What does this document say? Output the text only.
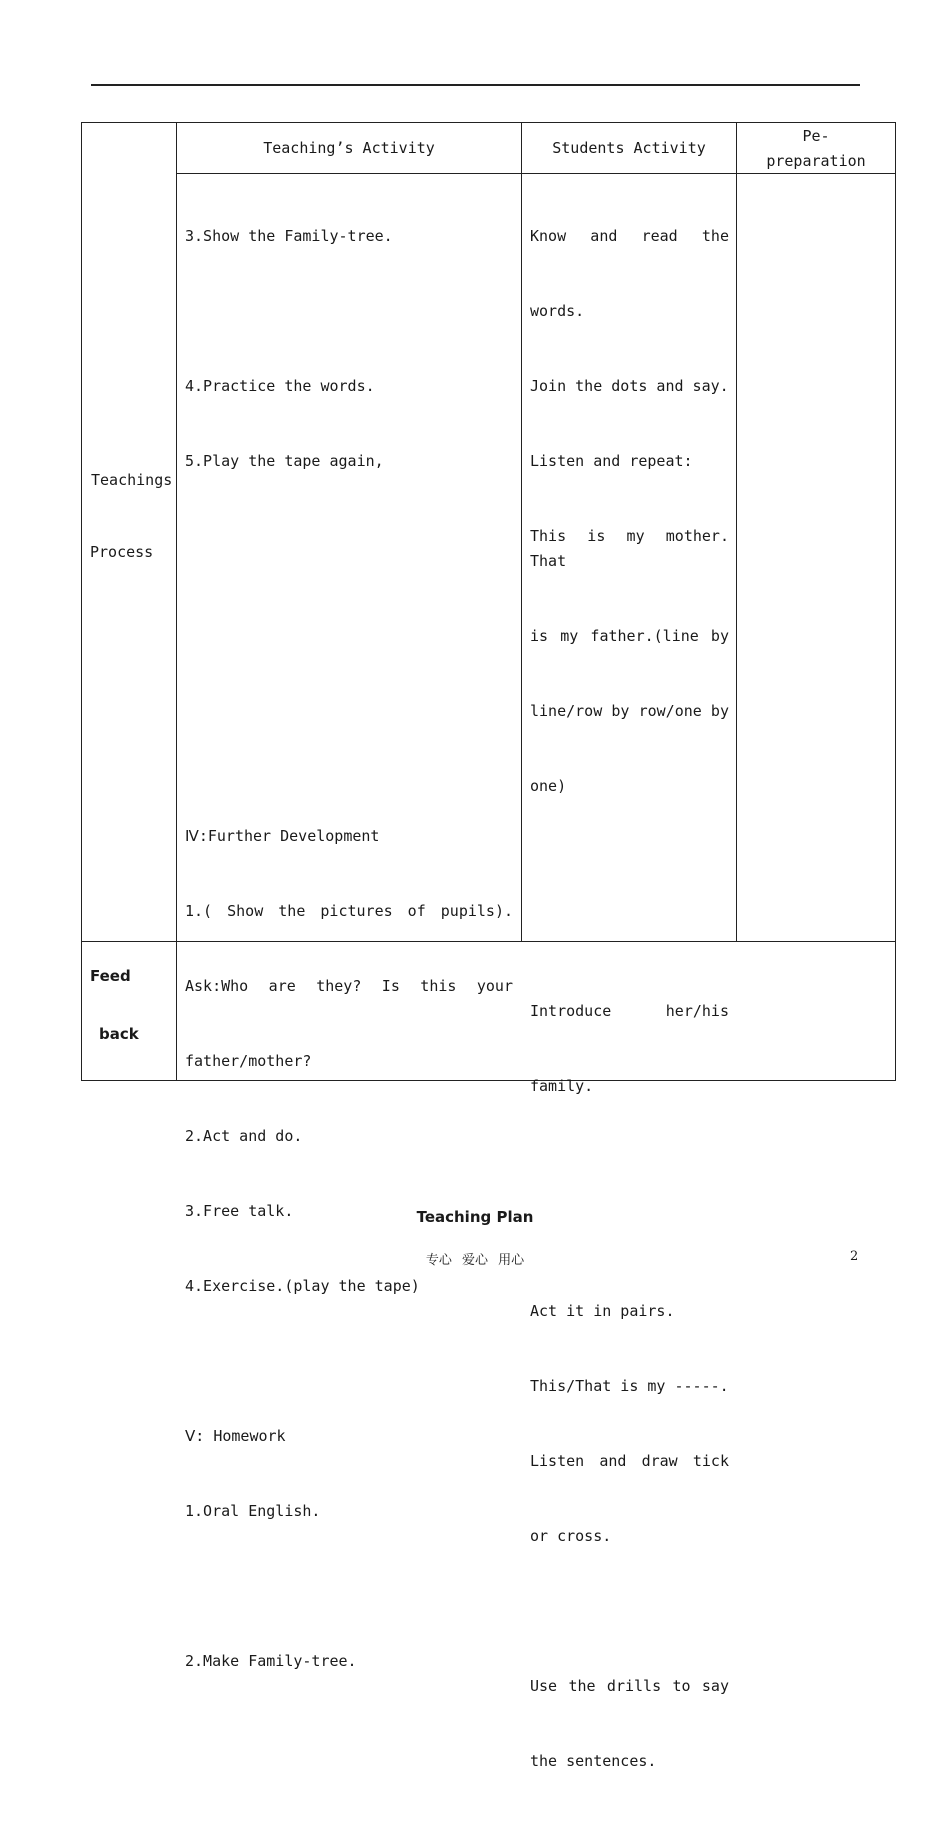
Teaching’s Activity	Students Activity
Pe-
preparation
Teachings
Process

3.Show the Family-tree.

4.Practice the words.

5.Play the tape again,

Ⅳ:Further Development

1.( Show the pictures of pupils).

Ask:Who are they? Is this your

father/mother?

2.Act and do.

3.Free talk.

4.Exercise.(play the tape)

Ⅴ: Homework

1.Oral English.

2.Make Family-tree.

Know and read the

words.

Join the dots and say.

Listen and repeat:

This is my mother. That

is my father.(line by

line/row by row/one by

one)

Introduce her/his

family.

Act it in pairs.

This/That is my -----.

Listen and draw tick

or cross.

Use the drills to say

the sentences.

Feed
back
Teaching Plan
专心 爱心 用心	2
